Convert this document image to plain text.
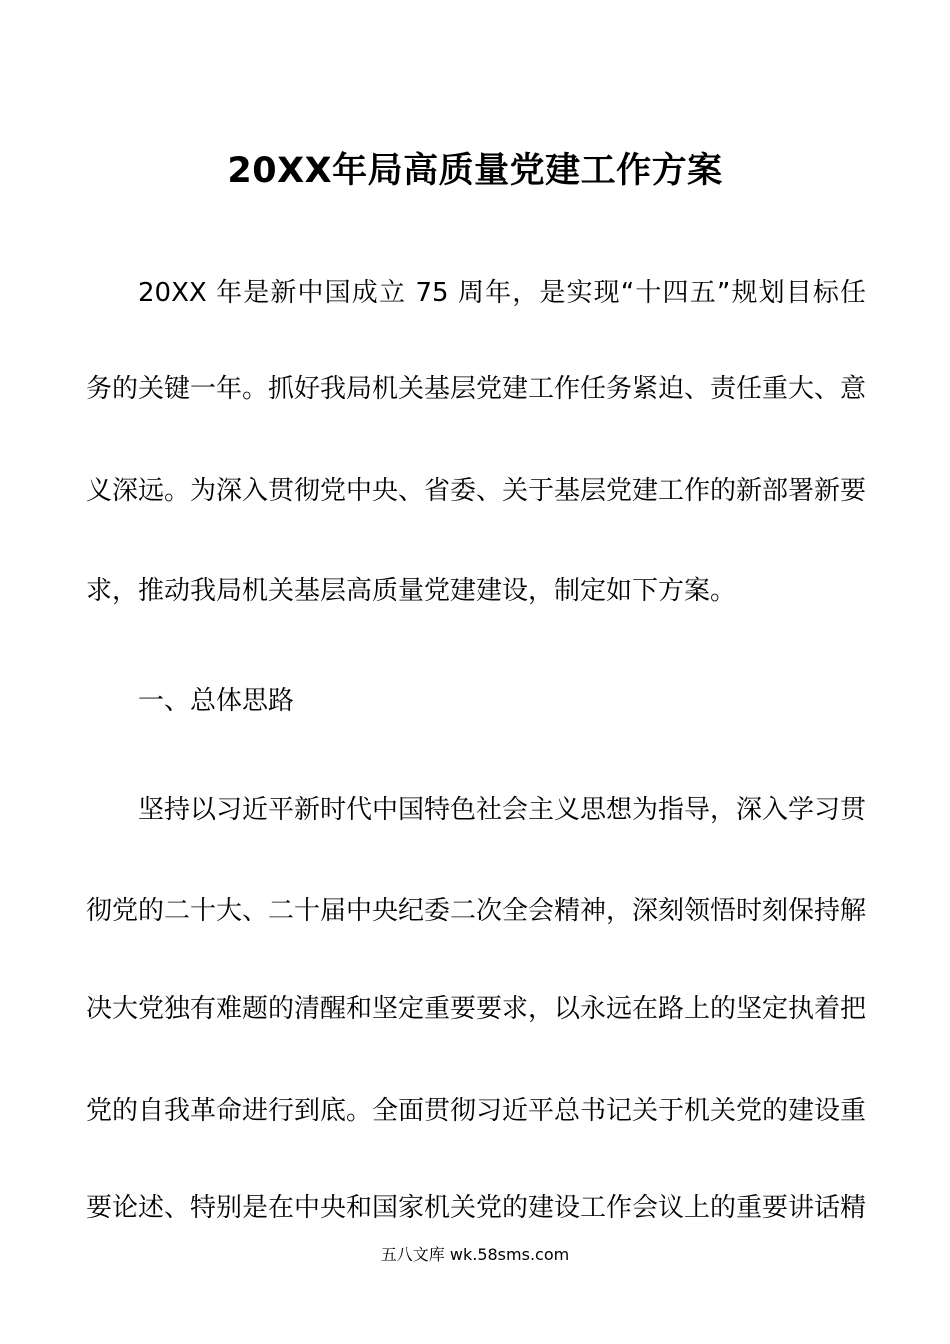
20XX年局高质量党建工作方案
20XX 年是新中国成立 75 周年，是实现“十四五”规划目标任
务的关键一年。抓好我局机关基层党建工作任务紧迫、责任重大、意
义深远。为深入贯彻党中央、省委、关于基层党建工作的新部署新要
求，推动我局机关基层高质量党建建设，制定如下方案。
一、总体思路
坚持以习近平新时代中国特色社会主义思想为指导，深入学习贯
彻党的二十大、二十届中央纪委二次全会精神，深刻领悟时刻保持解
决大党独有难题的清醒和坚定重要要求，以永远在路上的坚定执着把
党的自我革命进行到底。全面贯彻习近平总书记关于机关党的建设重
要论述、特别是在中央和国家机关党的建设工作会议上的重要讲话精
五八文库 wk.58sms.com
